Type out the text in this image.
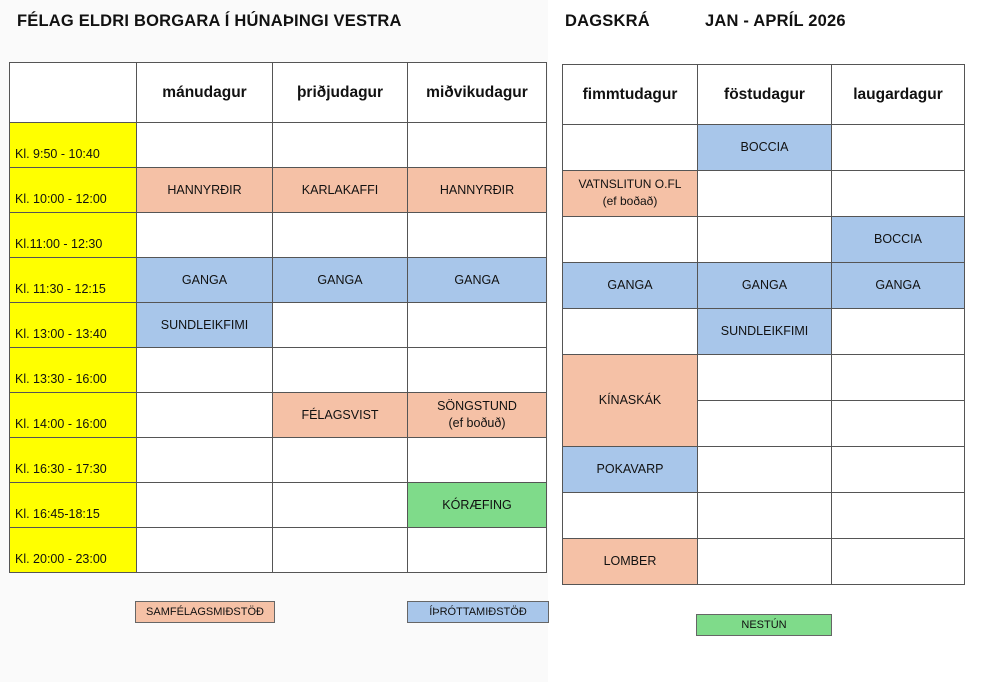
FÉLAG ELDRI BORGARA Í HÚNAÞINGI VESTRA	DAGSKRÁ	JAN - APRÍL 2026
	mánudagur	þriðjudagur	miðvikudagur
Kl. 9:50 - 10:40			
Kl. 10:00 - 12:00	HANNYRÐIR	KARLAKAFFI	HANNYRÐIR
Kl.11:00 - 12:30			
Kl. 11:30 - 12:15	GANGA	GANGA	GANGA
Kl. 13:00 - 13:40	SUNDLEIKFIMI		
Kl. 13:30 - 16:00			
Kl. 14:00 - 16:00		FÉLAGSVIST	SÖNGSTUND
(ef boðuð)

Kl. 16:30 - 17:30			
Kl. 16:45-18:15			KÓRÆFING
Kl. 20:00 - 23:00			
fimmtudagur	föstudagur	laugardagur
	BOCCIA	

VATNSLITUN O.FL
(ef boðað)		

		BOCCIA
GANGA	GANGA	GANGA
	SUNDLEIKFIMI	
KÍNASKÁK		

POKAVARP		

LOMBER		
SAMFÉLAGSMIÐSTÖÐ	ÍÞRÓTTAMIÐSTÖÐ
NESTÚN
